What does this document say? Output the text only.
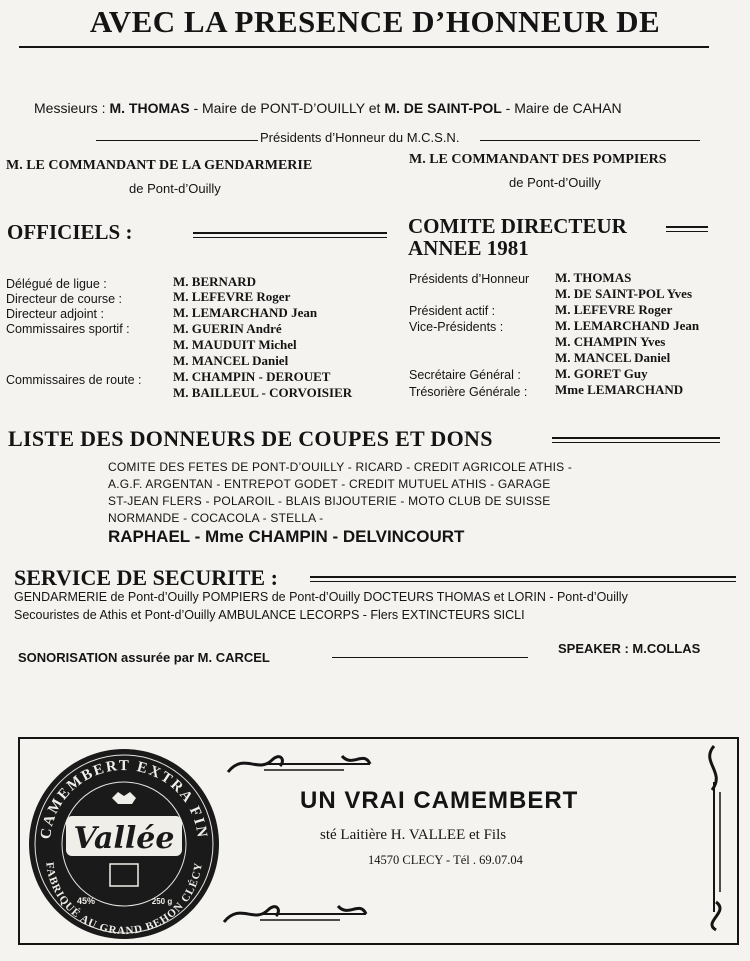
AVEC LA PRESENCE D’HONNEUR DE
Messieurs : M. THOMAS - Maire de PONT-D’OUILLY et M. DE SAINT-POL - Maire de CAHAN
Présidents d’Honneur du M.C.S.N.
M. LE COMMANDANT DE LA GENDARMERIE
de Pont-d’Ouilly
M. LE COMMANDANT DES POMPIERS
de Pont-d’Ouilly
OFFICIELS :
Délégué de ligue :	M. BERNARD
Directeur de course :	M. LEFEVRE Roger
Directeur adjoint :	M. LEMARCHAND Jean
Commissaires sportif :	M. GUERIN André
M. MAUDUIT Michel
M. MANCEL Daniel
Commissaires de route : M. CHAMPIN - DEROUET
M. BAILLEUL - CORVOISIER
COMITE DIRECTEUR
ANNEE 1981
Présidents d’Honneur M. THOMAS
M. DE SAINT-POL Yves
Président actif :	M. LEFEVRE Roger
Vice-Présidents :	M. LEMARCHAND Jean
M. CHAMPIN Yves
M. MANCEL Daniel
Secrétaire Général :	M. GORET Guy
Trésorière Générale : Mme LEMARCHAND
LISTE DES DONNEURS DE COUPES ET DONS
COMITE DES FETES DE PONT-D’OUILLY - RICARD - CREDIT AGRICOLE ATHIS -
A.G.F. ARGENTAN - ENTREPOT GODET - CREDIT MUTUEL ATHIS - GARAGE
ST-JEAN FLERS - POLAROIL - BLAIS BIJOUTERIE - MOTO CLUB DE SUISSE
NORMANDE - COCACOLA - STELLA -
RAPHAEL - Mme CHAMPIN - DELVINCOURT
SERVICE DE SECURITE :
GENDARMERIE de Pont-d’Ouilly POMPIERS de Pont-d’Ouilly DOCTEURS THOMAS et LORIN - Pont-d’Ouilly
Secouristes de Athis et Pont-d’Ouilly AMBULANCE LECORPS - Flers EXTINCTEURS SICLI
SONORISATION assurée par M. CARCEL
SPEAKER : M.COLLAS
CAMEMBERT EXTRA FIN
FABRIQUÉ AU GRAND BEHON CLÉCY
Vallée
45%	250 g
UN VRAI CAMEMBERT
sté Laitière H. VALLEE et Fils
14570 CLECY - Tél . 69.07.04
